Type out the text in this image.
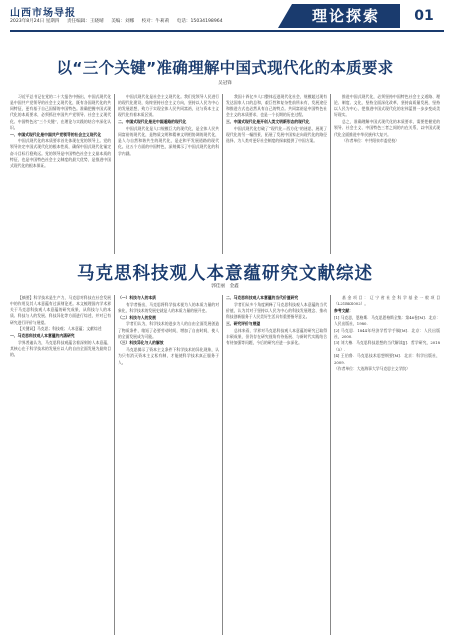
山西市场导报
2023年8月24日 星期四 责任编辑：王晓晴 美编：刘娜 校对：牛莉莉 电话：15034198964	理论探索	01
以“三个关键”准确理解中国式现代化的本质要求
吴冠锋

习近平总书记在党的二十大报告中指出，中国式现代化是中国共产党领导的社会主义现代化，既有各国现代化的共同特征，更有基于自己国情的中国特色。准确把握中国式现代化的本质要求，必须抓住中国共产党领导、社会主义现代化、中国特色这“三个关键”，在理论与实践的结合中深化认识。

一、中国式现代化是中国共产党领导的社会主义现代化

中国式现代化的本质要求首先体现在党的领导上。党的领导决定中国式现代化的根本性质，确保中国式现代化锚定奋斗目标行稳致远。党的领导是中国特色社会主义最本质的特征，也是中国特色社会主义制度的最大优势，是推进中国式现代化的根本保证。

中国式现代化是社会主义现代化。我们党领导人民进行的现代化建设，始终坚持社会主义方向，坚持以人民为中心的发展思想，致力于实现全体人民共同富裕，这与资本主义现代化有着本质区别。

二、中国式现代化是走中国道路的现代化

中国式现代化是人口规模巨大的现代化，是全体人民共同富裕的现代化，是物质文明和精神文明相协调的现代化，是人与自然和谐共生的现代化，是走和平发展道路的现代化。这五个方面的中国特色，深刻揭示了中国式现代化的科学内涵。

我国十四亿多人口整体迈进现代化社会，规模超过现有发达国家人口的总和，艰巨性和复杂性前所未有，发展途径和推进方式也必然具有自己的特点。共同富裕是中国特色社会主义的本质要求，也是一个长期的历史过程。

三、中国式现代化是开创人类文明新形态的现代化

中国式现代化打破了“现代化＝西方化”的迷思，展现了现代化的另一幅图景，拓展了发展中国家走向现代化的路径选择，为人类对更好社会制度的探索提供了中国方案。

推进中国式现代化，必须坚持中国特色社会主义道路、理论、制度、文化，坚持全面深化改革，坚持高质量发展，坚持以人民为中心，把推进中国式现代化的宏伟蓝图一步步变成美好现实。

总之，准确理解中国式现代化的本质要求，需要把握党的领导、社会主义、中国特色三者之间的内在关系，以中国式现代化全面推进中华民族伟大复兴。

（作者单位：中共阳泉市委党校）

马克思科技观人本意蕴研究文献综述
郭佳丽　金鑫

【摘要】科学技术是生产力，马克思对科技在社会发展中的作用及其人本意蕴有过深刻论述。本文梳理国内学术界关于马克思科技观人本意蕴的研究成果，从科技与人的本质、科技与人的发展、科技异化等方面进行综述，并对已有研究进行评价与展望。

【关键词】马克思；科技观；人本意蕴；文献综述

一、马克思科技观人本意蕴的内涵研究

学界普遍认为，马克思科技观蕴含着深刻的人本意蕴，其核心在于科学技术的发展应以人的自由全面发展为最终目的。

（一）科技与人的本质

有学者指出，马克思将科学技术视为人的本质力量的对象化，科学技术的发展史就是人的本质力量的展开史。

（二）科技与人的发展

学者们认为，科学技术的进步为人的自由全面发展创造了物质条件，缩短了必要劳动时间，增加了自由时间，使人的全面发展成为可能。

（三）科技异化与人的解放

马克思揭示了资本主义条件下科学技术的异化现象，认为只有消灭资本主义私有制，才能使科学技术真正服务于人。

二、马克思科技观人本意蕴的当代价值研究

学者们从多个角度阐释了马克思科技观人本意蕴的当代价值，认为其对于坚持以人民为中心的科技发展理念、推动科技创新服务于人民美好生活具有重要指导意义。

三、研究评价与展望

总体来看，学界对马克思科技观人本意蕴的研究已取得丰硕成果，但仍存在研究视角有待拓展、与新时代实践结合有待加强等问题，今后的研究应进一步深化。

基金项目：辽宁省社会科学基金一般项目（L21BKS002）。

参考文献：

[1] 马克思，恩格斯．马克思恩格斯全集：第46卷[M]．北京：人民出版社，1980.

[2] 马克思．1844年经济学哲学手稿[M]．北京：人民出版社，2000.

[3] 刘大椿．马克思科技思想的当代解读[J]．哲学研究，2018（5）.

[4] 王伯鲁．马克思技术思想纲要[M]．北京：科学出版社，2009.

（作者单位：大连海事大学马克思主义学院）
